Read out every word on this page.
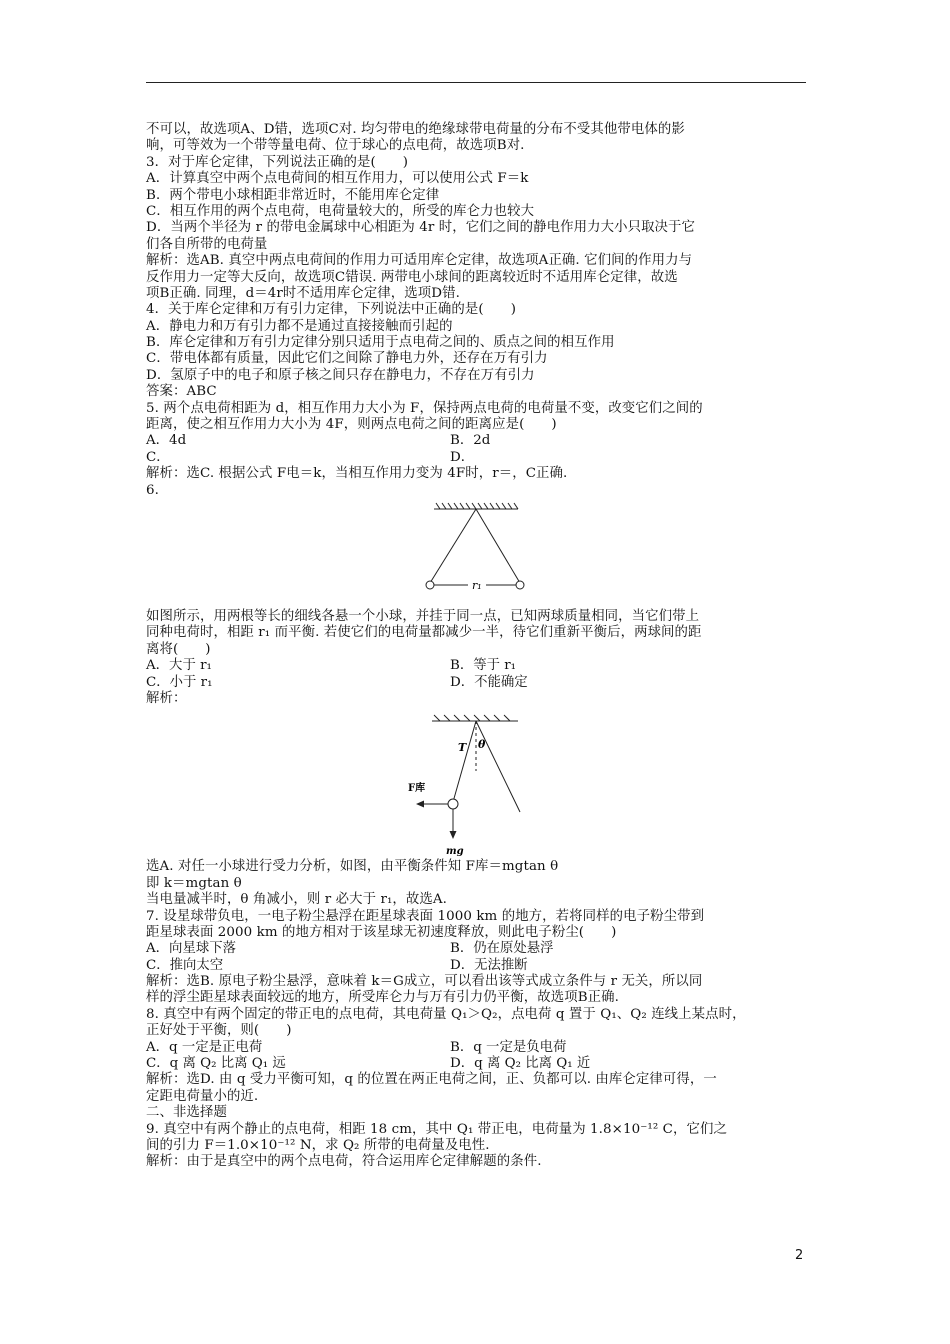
不可以，故选项A、D错，选项C对. 均匀带电的绝缘球带电荷量的分布不受其他带电体的影
响，可等效为一个带等量电荷、位于球心的点电荷，故选项B对.
3．对于库仑定律，下列说法正确的是(　　)
A．计算真空中两个点电荷间的相互作用力，可以使用公式 F＝k
B．两个带电小球相距非常近时，不能用库仑定律
C．相互作用的两个点电荷，电荷量较大的，所受的库仑力也较大
D．当两个半径为 r 的带电金属球中心相距为 4r 时，它们之间的静电作用力大小只取决于它
们各自所带的电荷量
解析：选AB. 真空中两点电荷间的作用力可适用库仑定律，故选项A正确. 它们间的作用力与
反作用力一定等大反向，故选项C错误. 两带电小球间的距离较近时不适用库仑定律，故选
项B正确. 同理，d＝4r时不适用库仑定律，选项D错.
4．关于库仑定律和万有引力定律，下列说法中正确的是(　　)
A．静电力和万有引力都不是通过直接接触而引起的
B．库仑定律和万有引力定律分别只适用于点电荷之间的、质点之间的相互作用
C．带电体都有质量，因此它们之间除了静电力外，还存在万有引力
D．氢原子中的电子和原子核之间只存在静电力，不存在万有引力
答案：ABC
5. 两个点电荷相距为 d，相互作用力大小为 F，保持两点电荷的电荷量不变，改变它们之间的
距离，使之相互作用力大小为 4F，则两点电荷之间的距离应是(　　)
A．4d	B．2d
C．	D．
解析：选C. 根据公式 F电＝k，当相互作用力变为 4F时，r＝，C正确.
6.
r₁
如图所示，用两根等长的细线各悬一个小球，并挂于同一点，已知两球质量相同，当它们带上
同种电荷时，相距 r₁ 而平衡. 若使它们的电荷量都减少一半，待它们重新平衡后，两球间的距
离将(　　)
A．大于 r₁	B．等于 r₁
C．小于 r₁	D．不能确定
解析：
T θ
F库
mg
选A. 对任一小球进行受力分析，如图，由平衡条件知 F库＝mgtan θ
即 k＝mgtan θ
当电量减半时，θ 角减小，则 r 必大于 r₁，故选A.
7. 设星球带负电，一电子粉尘悬浮在距星球表面 1000 km 的地方，若将同样的电子粉尘带到
距星球表面 2000 km 的地方相对于该星球无初速度释放，则此电子粉尘(　　)
A．向星球下落	B．仍在原处悬浮
C．推向太空	D．无法推断
解析：选B. 原电子粉尘悬浮，意味着 k＝G成立，可以看出该等式成立条件与 r 无关，所以同
样的浮尘距星球表面较远的地方，所受库仑力与万有引力仍平衡，故选项B正确.
8. 真空中有两个固定的带正电的点电荷，其电荷量 Q₁＞Q₂，点电荷 q 置于 Q₁、Q₂ 连线上某点时，
正好处于平衡，则(　　)
A．q 一定是正电荷	B．q 一定是负电荷
C．q 离 Q₂ 比离 Q₁ 远	D．q 离 Q₂ 比离 Q₁ 近
解析：选D. 由 q 受力平衡可知，q 的位置在两正电荷之间，正、负都可以. 由库仑定律可得，一
定距电荷量小的近.
二、非选择题
9. 真空中有两个静止的点电荷，相距 18 cm，其中 Q₁ 带正电，电荷量为 1.8×10⁻¹² C，它们之
间的引力 F＝1.0×10⁻¹² N，求 Q₂ 所带的电荷量及电性.
解析：由于是真空中的两个点电荷，符合运用库仑定律解题的条件.
2
